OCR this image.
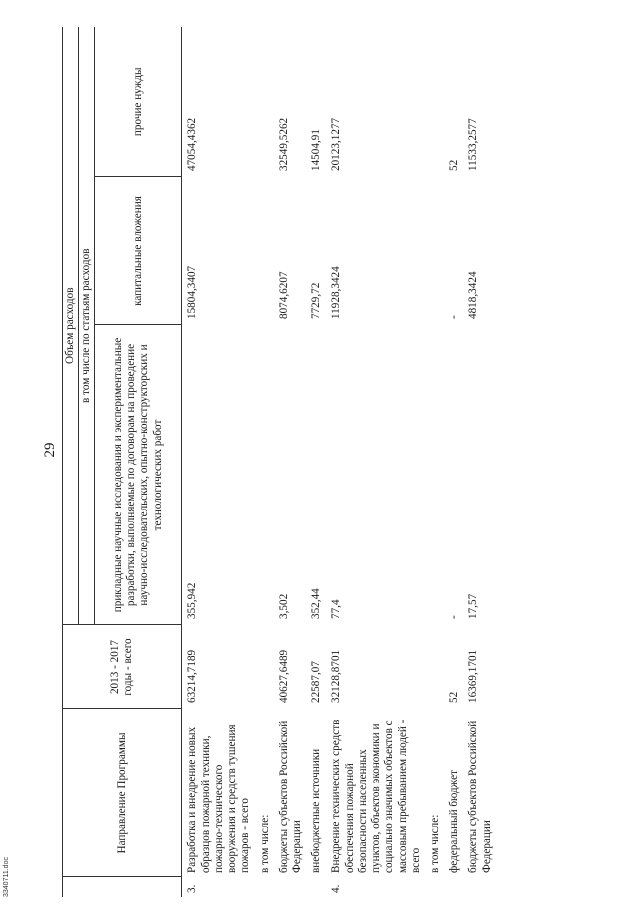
29
3340711.doc
	Направление Программы	2013 - 2017 годы - всего	Объем расходов		
			в том числе по статьям расходов		
			прикладные научные исследования и экспериментальные разработки, выполняемые по договорам на проведение научно-исследовательских, опытно-конструкторских и технологических работ	капитальные вложения	прочие нужды
3.	Разработка и внедрение новых образцов пожарной техники, пожарно-технического вооружения и средств тушения пожаров - всего	63214,7189	355,942	15804,3407	47054,4362
	в том числе:				
	бюджеты субъектов Российской Федерации	40627,6489	3,502	8074,6207	32549,5262
	внебюджетные источники	22587,07	352,44	7729,72	14504,91
4.	Внедрение технических средств обеспечения пожарной безопасности населенных пунктов, объектов экономики и социально значимых объектов с массовым пребыванием людей - всего	32128,8701	77,4	11928,3424	20123,1277
	в том числе:				
	федеральный бюджет	52	-	-	52
	бюджеты субъектов Российской Федерации	16369,1701	17,57	4818,3424	11533,2577
